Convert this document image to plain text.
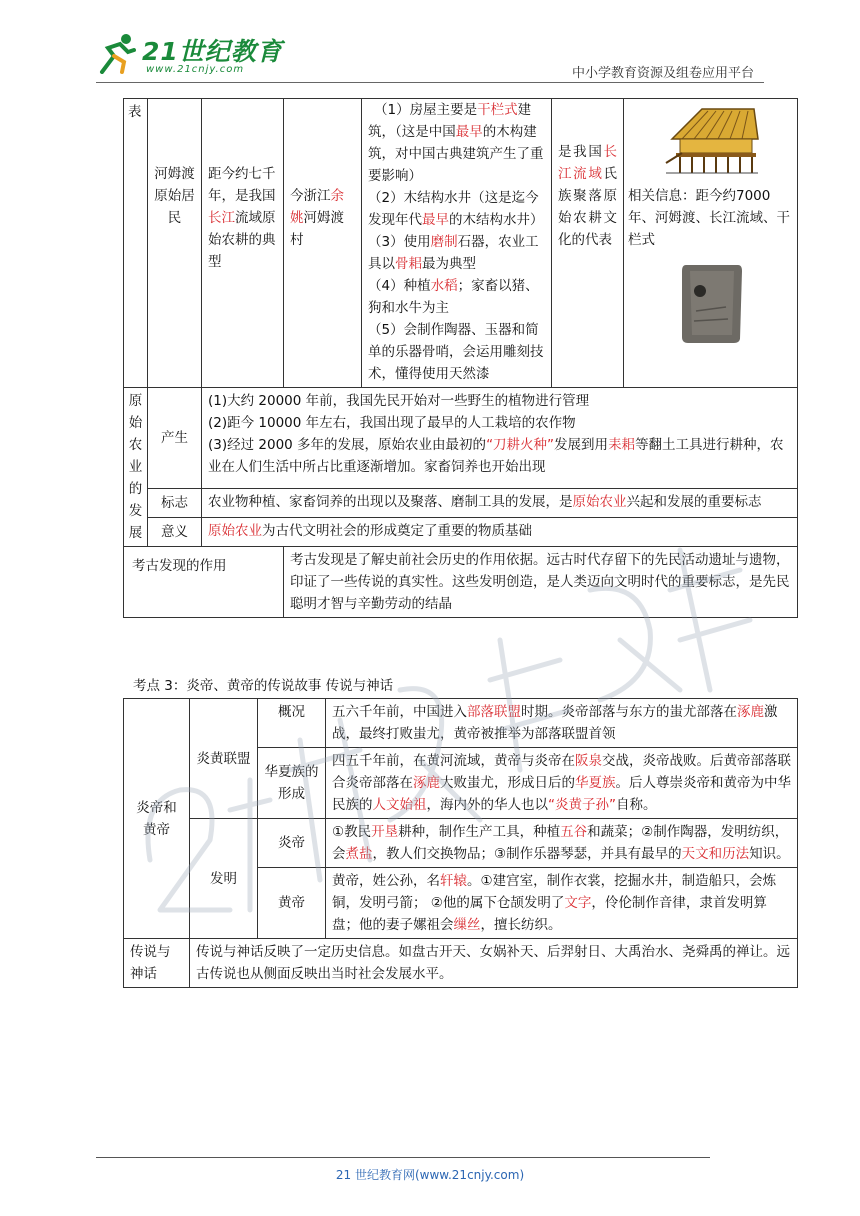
21世纪教育
www.21cnjy.com	中小学教育资源及组卷应用平台
表	河姆渡原始居民	距今约七千年，是我国长江流域原始农耕的典型	今浙江余姚河姆渡村	（1）房屋主要是干栏式建筑，（这是中国最早的木构建筑，对中国古典建筑产生了重要影响）
（2）木结构水井（这是迄今发现年代最早的木结构水井）
（3）使用磨制石器，农业工具以骨耜最为典型
（4）种植水稻；家畜以猪、狗和水牛为主
（5）会制作陶器、玉器和简单的乐器骨哨，会运用雕刻技术，懂得使用天然漆	是我国长江流域氏族聚落原始农耕文化的代表	相关信息：距今约7000年、河姆渡、长江流域、干栏式

原始农业的发展	产生	(1)大约 20000 年前，我国先民开始对一些野生的植物进行管理
(2)距今 10000 年左右，我国出现了最早的人工栽培的农作物
(3)经过 2000 多年的发展，原始农业由最初的“刀耕火种”发展到用耒耜等翻土工具进行耕种，农业在人们生活中所占比重逐渐增加。家畜饲养也开始出现				

	标志	农业物种植、家畜饲养的出现以及聚落、磨制工具的发展，是原始农业兴起和发展的重要标志				
	意义	原始农业为古代文明社会的形成奠定了重要的物质基础				
考古发现的作用			考古发现是了解史前社会历史的作用依据。远古时代存留下的先民活动遗址与遗物，印证了一些传说的真实性。这些发明创造，是人类迈向文明时代的重要标志，是先民聪明才智与辛勤劳动的结晶			
考点 3：炎帝、黄帝的传说故事 传说与神话
炎帝和黄帝	炎黄联盟	概况	五六千年前，中国进入部落联盟时期。炎帝部落与东方的蚩尤部落在涿鹿激战，最终打败蚩尤，黄帝被推举为部落联盟首领
		华夏族的形成	四五千年前，在黄河流域，黄帝与炎帝在阪泉交战，炎帝战败。后黄帝部落联合炎帝部落在涿鹿大败蚩尤，形成日后的华夏族。后人尊崇炎帝和黄帝为中华民族的人文始祖，海内外的华人也以“炎黄子孙”自称。
	发明	炎帝	①教民开垦耕种，制作生产工具，种植五谷和蔬菜；②制作陶器，发明纺织，会煮盐，教人们交换物品；③制作乐器琴瑟，并具有最早的天文和历法知识。
		黄帝	黄帝，姓公孙，名轩辕。①建宫室，制作衣裳，挖掘水井，制造船只，会炼铜，发明弓箭； ②他的属下仓颉发明了文字，伶伦制作音律，隶首发明算盘；他的妻子嫘祖会缫丝，擅长纺织。
传说与神话	传说与神话反映了一定历史信息。如盘古开天、女娲补天、后羿射日、大禹治水、尧舜禹的禅让。远古传说也从侧面反映出当时社会发展水平。		
21 世纪教育网(www.21cnjy.com)
